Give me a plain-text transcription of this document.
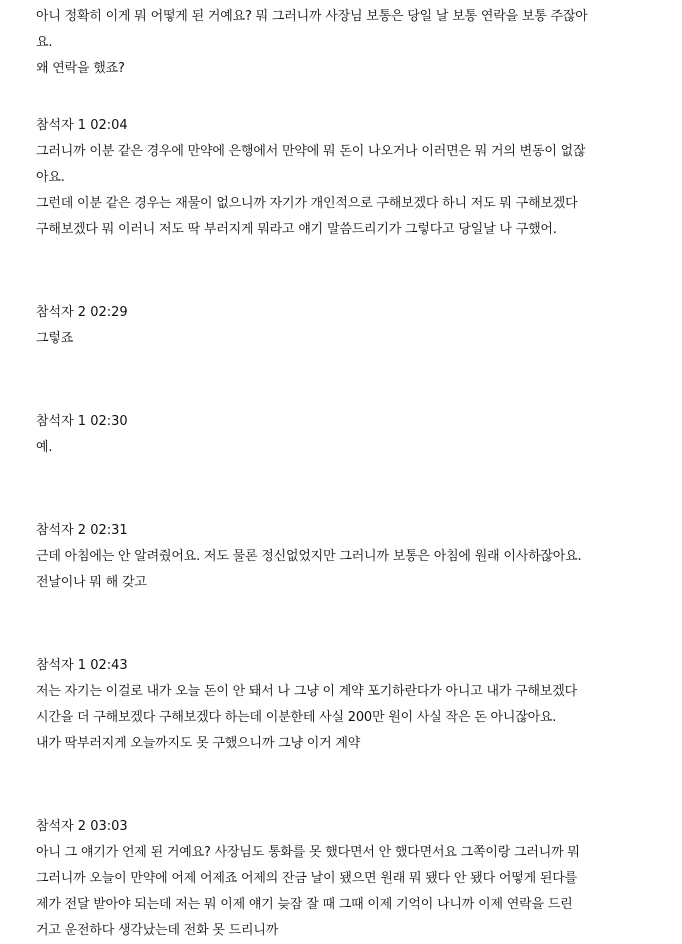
아니 정확히 이게 뭐 어떻게 된 거예요? 뭐 그러니까 사장님 보통은 당일 날 보통 연락을 보통 주잖아
요.
왜 연락을 했죠?
참석자 1 02:04
그러니까 이분 같은 경우에 만약에 은행에서 만약에 뭐 돈이 나오거나 이러면은 뭐 거의 변동이 없잖
아요.
그런데 이분 같은 경우는 재물이 없으니까 자기가 개인적으로 구해보겠다 하니 저도 뭐 구해보겠다
구해보겠다 뭐 이러니 저도 딱 부러지게 뭐라고 얘기 말씀드리기가 그렇다고 당일날 나 구했어.
참석자 2 02:29
그렇죠
참석자 1 02:30
예.
참석자 2 02:31
근데 아침에는 안 알려줬어요. 저도 물론 정신없었지만 그러니까 보통은 아침에 원래 이사하잖아요.
전날이나 뭐 해 갖고
참석자 1 02:43
저는 자기는 이걸로 내가 오늘 돈이 안 돼서 나 그냥 이 계약 포기하란다가 아니고 내가 구해보겠다
시간을 더 구해보겠다 구해보겠다 하는데 이분한테 사실 200만 원이 사실 작은 돈 아니잖아요.
내가 딱부러지게 오늘까지도 못 구했으니까 그냥 이거 계약
참석자 2 03:03
아니 그 얘기가 언제 된 거예요? 사장님도 통화를 못 했다면서 안 했다면서요 그쪽이랑 그러니까 뭐
그러니까 오늘이 만약에 어제 어제죠 어제의 잔금 날이 됐으면 원래 뭐 됐다 안 됐다 어떻게 된다를
제가 전달 받아야 되는데 저는 뭐 이제 얘기 늦잠 잘 때 그때 이제 기억이 나니까 이제 연락을 드린
거고 운전하다 생각났는데 전화 못 드리니까
